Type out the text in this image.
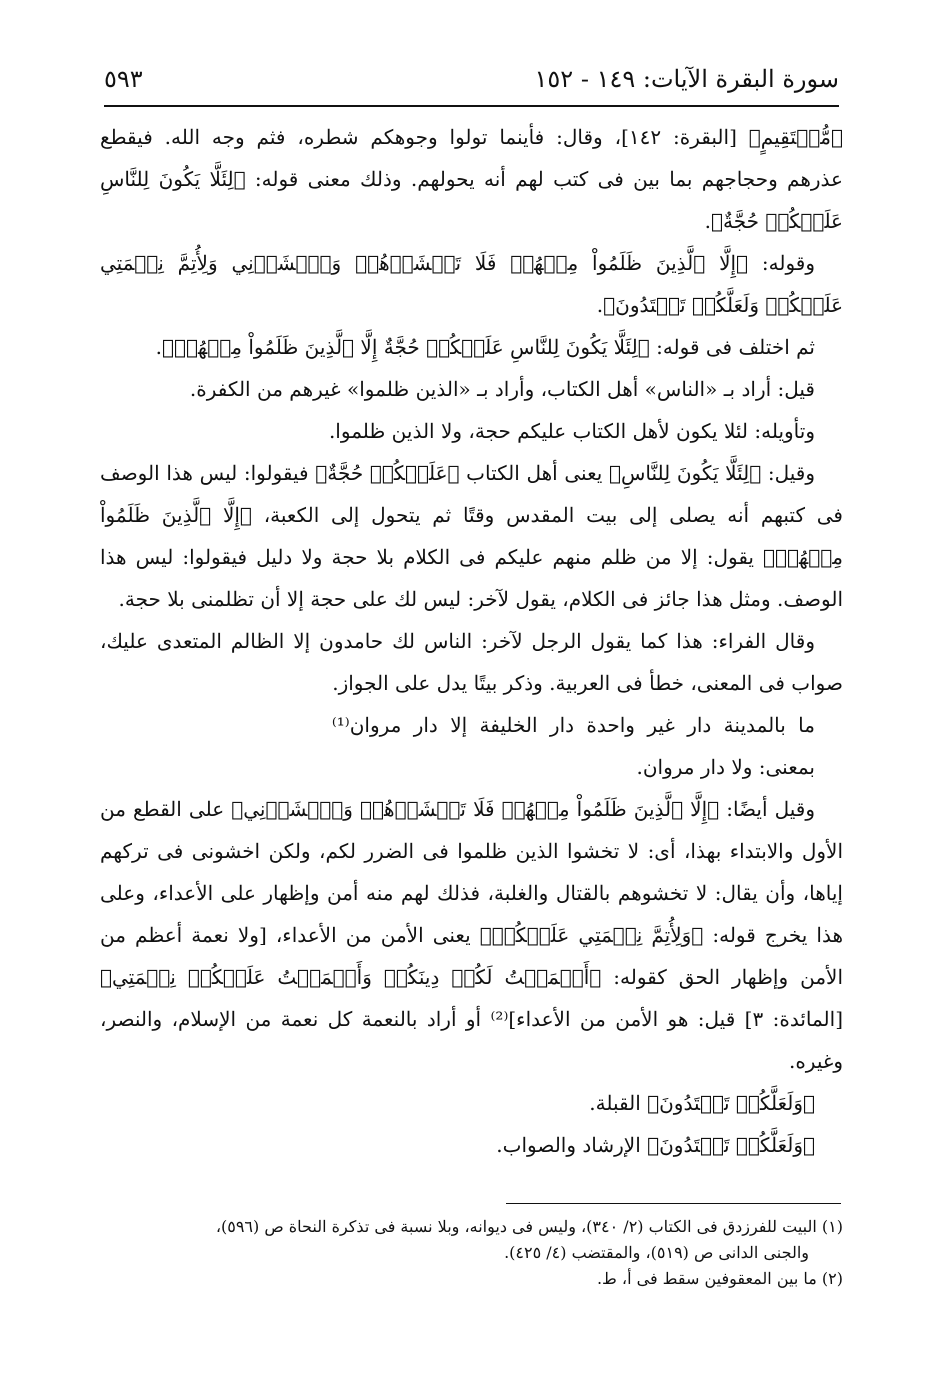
سورة البقرة الآيات: ١٤٩ - ١٥٢
٥٩٣

﴿مُّسۡتَقِيمٍ﴾ [البقرة: ١٤٢]، وقال: فأينما تولوا وجوهكم شطره، فثم وجه الله. فيقطع عذرهم وحجاجهم بما بين فى كتب لهم أنه يحولهم. وذلك معنى قوله: ﴿لِئَلَّا يَكُونَ لِلنَّاسِ عَلَيۡكُمۡ حُجَّةٌ﴾.

وقوله: ﴿إِلَّا ٱلَّذِينَ ظَلَمُواْ مِنۡهُمۡ فَلَا تَخۡشَوۡهُمۡ وَٱخۡشَوۡنِي وَلِأُتِمَّ نِعۡمَتِي عَلَيۡكُمۡ وَلَعَلَّكُمۡ تَهۡتَدُونَ﴾.

ثم اختلف فى قوله: ﴿لِئَلَّا يَكُونَ لِلنَّاسِ عَلَيۡكُمۡ حُجَّةٌ إِلَّا ٱلَّذِينَ ظَلَمُواْ مِنۡهُمۡ﴾.

قيل: أراد بـ «الناس» أهل الكتاب، وأراد بـ «الذين ظلموا» غيرهم من الكفرة.

وتأويله: لئلا يكون لأهل الكتاب عليكم حجة، ولا الذين ظلموا.

وقيل: ﴿لِئَلَّا يَكُونَ لِلنَّاسِ﴾ يعنى أهل الكتاب ﴿عَلَيۡكُمۡ حُجَّةٌ﴾ فيقولوا: ليس هذا الوصف فى كتبهم أنه يصلى إلى بيت المقدس وقتًا ثم يتحول إلى الكعبة، ﴿إِلَّا ٱلَّذِينَ ظَلَمُواْ مِنۡهُمۡ﴾ يقول: إلا من ظلم منهم عليكم فى الكلام بلا حجة ولا دليل فيقولوا: ليس هذا الوصف. ومثل هذا جائز فى الكلام، يقول لآخر: ليس لك على حجة إلا أن تظلمنى بلا حجة.

وقال الفراء: هذا كما يقول الرجل لآخر: الناس لك حامدون إلا الظالم المتعدى عليك، صواب فى المعنى، خطأ فى العربية. وذكر بيتًا يدل على الجواز.

ما بالمدينة دار غير واحدة دار الخليفة إلا دار مروان⁽¹⁾

بمعنى: ولا دار مروان.

وقيل أيضًا: ﴿إِلَّا ٱلَّذِينَ ظَلَمُواْ مِنۡهُمۡ فَلَا تَخۡشَوۡهُمۡ وَٱخۡشَوۡنِي﴾ على القطع من الأول والابتداء بهذا، أى: لا تخشوا الذين ظلموا فى الضرر لكم، ولكن اخشونى فى تركهم إياها، وأن يقال: لا تخشوهم بالقتال والغلبة، فذلك لهم منه أمن وإظهار على الأعداء، وعلى هذا يخرج قوله: ﴿وَلِأُتِمَّ نِعۡمَتِي عَلَيۡكُمۡ﴾ يعنى الأمن من الأعداء، [ولا نعمة أعظم من الأمن وإظهار الحق كقوله: ﴿أَكۡمَلۡتُ لَكُمۡ دِينَكُمۡ وَأَتۡمَمۡتُ عَلَيۡكُمۡ نِعۡمَتِي﴾ [المائدة: ٣] قيل: هو الأمن من الأعداء]⁽²⁾ أو أراد بالنعمة كل نعمة من الإسلام، والنصر، وغيره.

﴿وَلَعَلَّكُمۡ تَهۡتَدُونَ﴾ القبلة.

﴿وَلَعَلَّكُمۡ تَهۡتَدُونَ﴾ الإرشاد والصواب.

(١) البيت للفرزدق فى الكتاب (٢/ ٣٤٠)، وليس فى ديوانه، وبلا نسبة فى تذكرة النحاة ص (٥٩٦)،

والجنى الدانى ص (٥١٩)، والمقتضب (٤/ ٤٢٥).

(٢) ما بين المعقوفين سقط فى أ، ط.
